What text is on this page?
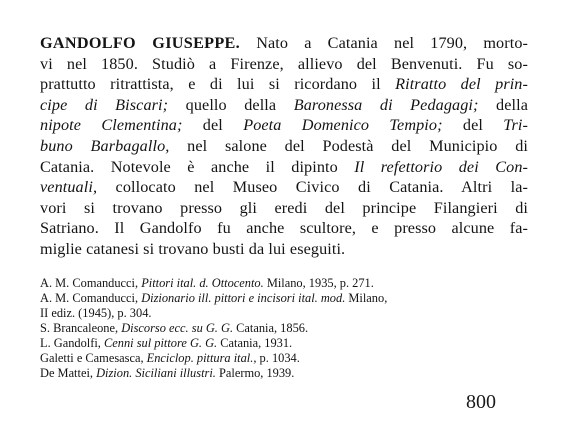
GANDOLFO GIUSEPPE. Nato a Catania nel 1790, morto-
vi nel 1850. Studiò a Firenze, allievo del Benvenuti. Fu so-
prattutto ritrattista, e di lui si ricordano il Ritratto del prin-
cipe di Biscari; quello della Baronessa di Pedagagi; della
nipote Clementina; del Poeta Domenico Tempio; del Tri-
buno Barbagallo, nel salone del Podestà del Municipio di
Catania. Notevole è anche il dipinto Il refettorio dei Con-
ventuali, collocato nel Museo Civico di Catania. Altri la-
vori si trovano presso gli eredi del principe Filangieri di
Satriano. Il Gandolfo fu anche scultore, e presso alcune fa-
miglie catanesi si trovano busti da lui eseguiti.
A. M. Comanducci, Pittori ital. d. Ottocento. Milano, 1935, p. 271.
A. M. Comanducci, Dizionario ill. pittori e incisori ital. mod. Milano,
II ediz. (1945), p. 304.
S. Brancaleone, Discorso ecc. su G. G. Catania, 1856.
L. Gandolfi, Cenni sul pittore G. G. Catania, 1931.
Galetti e Camesasca, Enciclop. pittura ital., p. 1034.
De Mattei, Dizion. Siciliani illustri. Palermo, 1939.
800
